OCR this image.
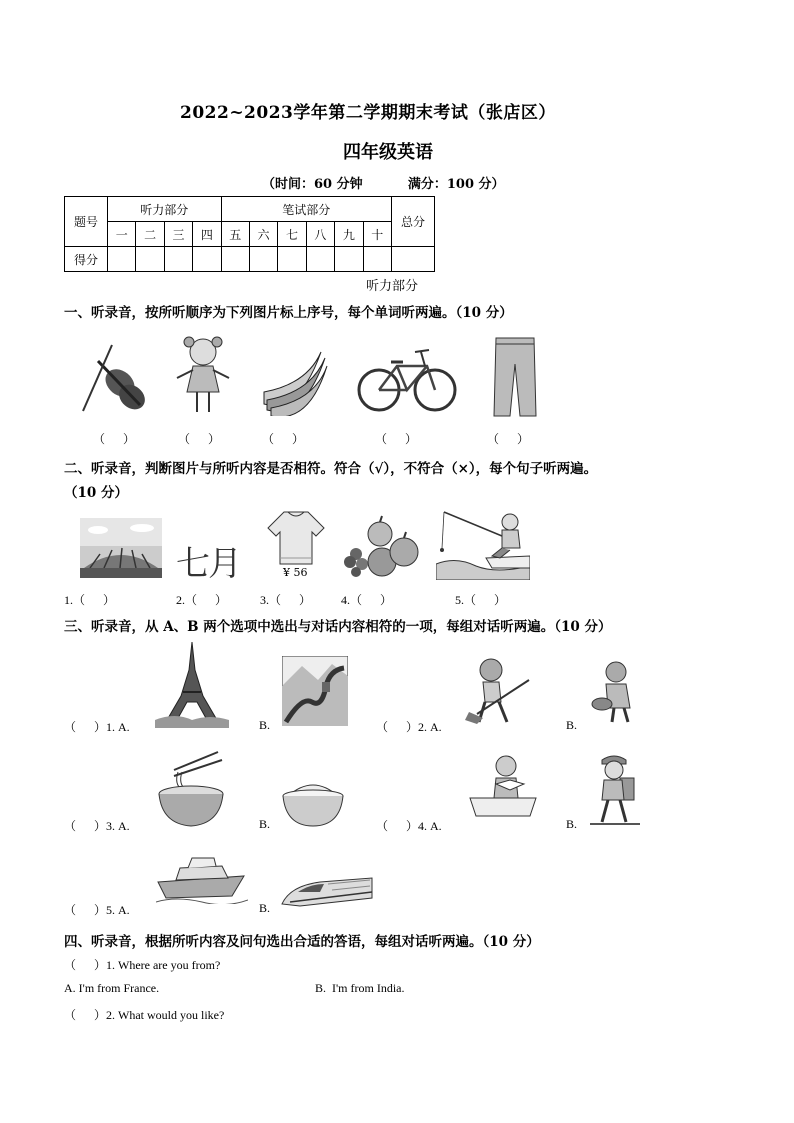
2022~2023学年第二学期期末考试（张店区）
四年级英语
（时间：60 分钟          满分：100 分）
题号	听力部分				笔试部分						总分
	一	二	三	四	五	六	七	八	九	十	
得分											
听力部分
一、听录音，按所听顺序为下列图片标上序号，每个单词听两遍。（10 分）
（      ）	（      ）	（      ）	（      ）	（      ）
二、听录音，判断图片与所听内容是否相符。符合（√），不符合（×），每个句子听两遍。
（10 分）
七月	¥ 56
1.（      ）	2.（      ）	3.（      ） 4.（      ）	5.（      ）
三、听录音，从 A、B 两个选项中选出与对话内容相符的一项，每组对话听两遍。（10 分）
（      ）1. A.	B.	（      ）2. A.	B.
（      ）3. A.	B.	（      ）4. A.	B.
（      ）5. A.	B.
四、听录音，根据所听内容及问句选出合适的答语，每组对话听两遍。（10 分）
（      ）1. Where are you from?
A. I'm from France.	B.  I'm from India.
（      ）2. What would you like?
